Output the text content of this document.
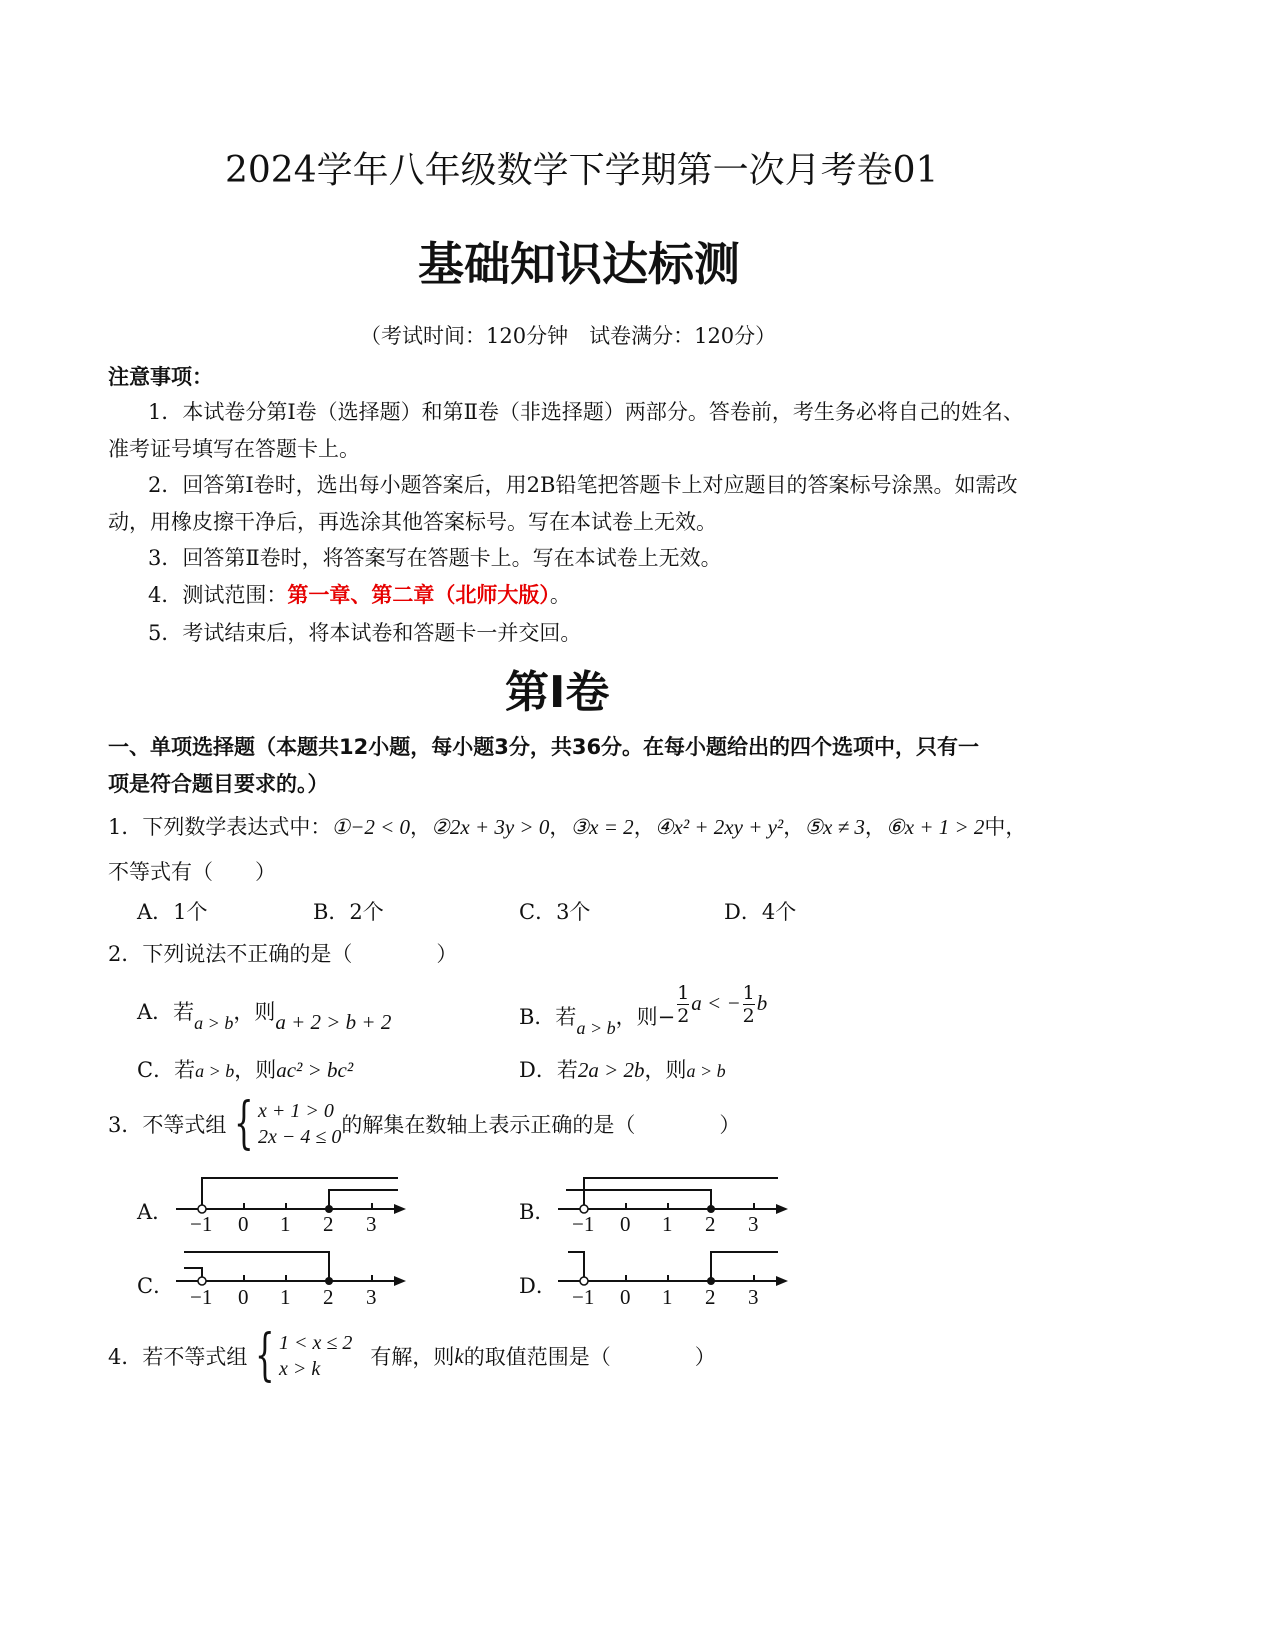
2024学年八年级数学下学期第一次月考卷01
基础知识达标测
（考试时间：120分钟　试卷满分：120分）
注意事项：
1．本试卷分第Ⅰ卷（选择题）和第Ⅱ卷（非选择题）两部分。答卷前，考生务必将自己的姓名、
准考证号填写在答题卡上。
2．回答第Ⅰ卷时，选出每小题答案后，用2B铅笔把答题卡上对应题目的答案标号涂黑。如需改
动，用橡皮擦干净后，再选涂其他答案标号。写在本试卷上无效。
3．回答第Ⅱ卷时，将答案写在答题卡上。写在本试卷上无效。
4．测试范围：第一章、第二章（北师大版）。
5．考试结束后，将本试卷和答题卡一并交回。
第Ⅰ卷
一、单项选择题（本题共12小题，每小题3分，共36分。在每小题给出的四个选项中，只有一
项是符合题目要求的。）
1．下列数学表达式中：①−2 < 0，②2x + 3y > 0，③x = 2，④x² + 2xy + y²，⑤x ≠ 3，⑥x + 1 > 2中，
不等式有（　　）
A．1个	B．2个	C．3个	D．4个
2．下列说法不正确的是（　　　　）
A．若a > b，则a + 2 > b + 2	B．若a > b，则− $\frac{1}{2}$ a < − $\frac{1}{2}$ b
C．若a > b，则ac² > bc²	D．若2a > 2b，则a > b
3．不等式组 { x + 1 > 0
2x − 4 ≤ 0 的解集在数轴上表示正确的是（　　　　）
A．	B．
C．	D．
−1 0 1 2 3	−1 0 1 2 3
−1 0 1 2 3	−1 0 1 2 3
4．若不等式组 { 1 < x ≤ 2
x > k	有解，则 k 的取值范围是（　　　　）
